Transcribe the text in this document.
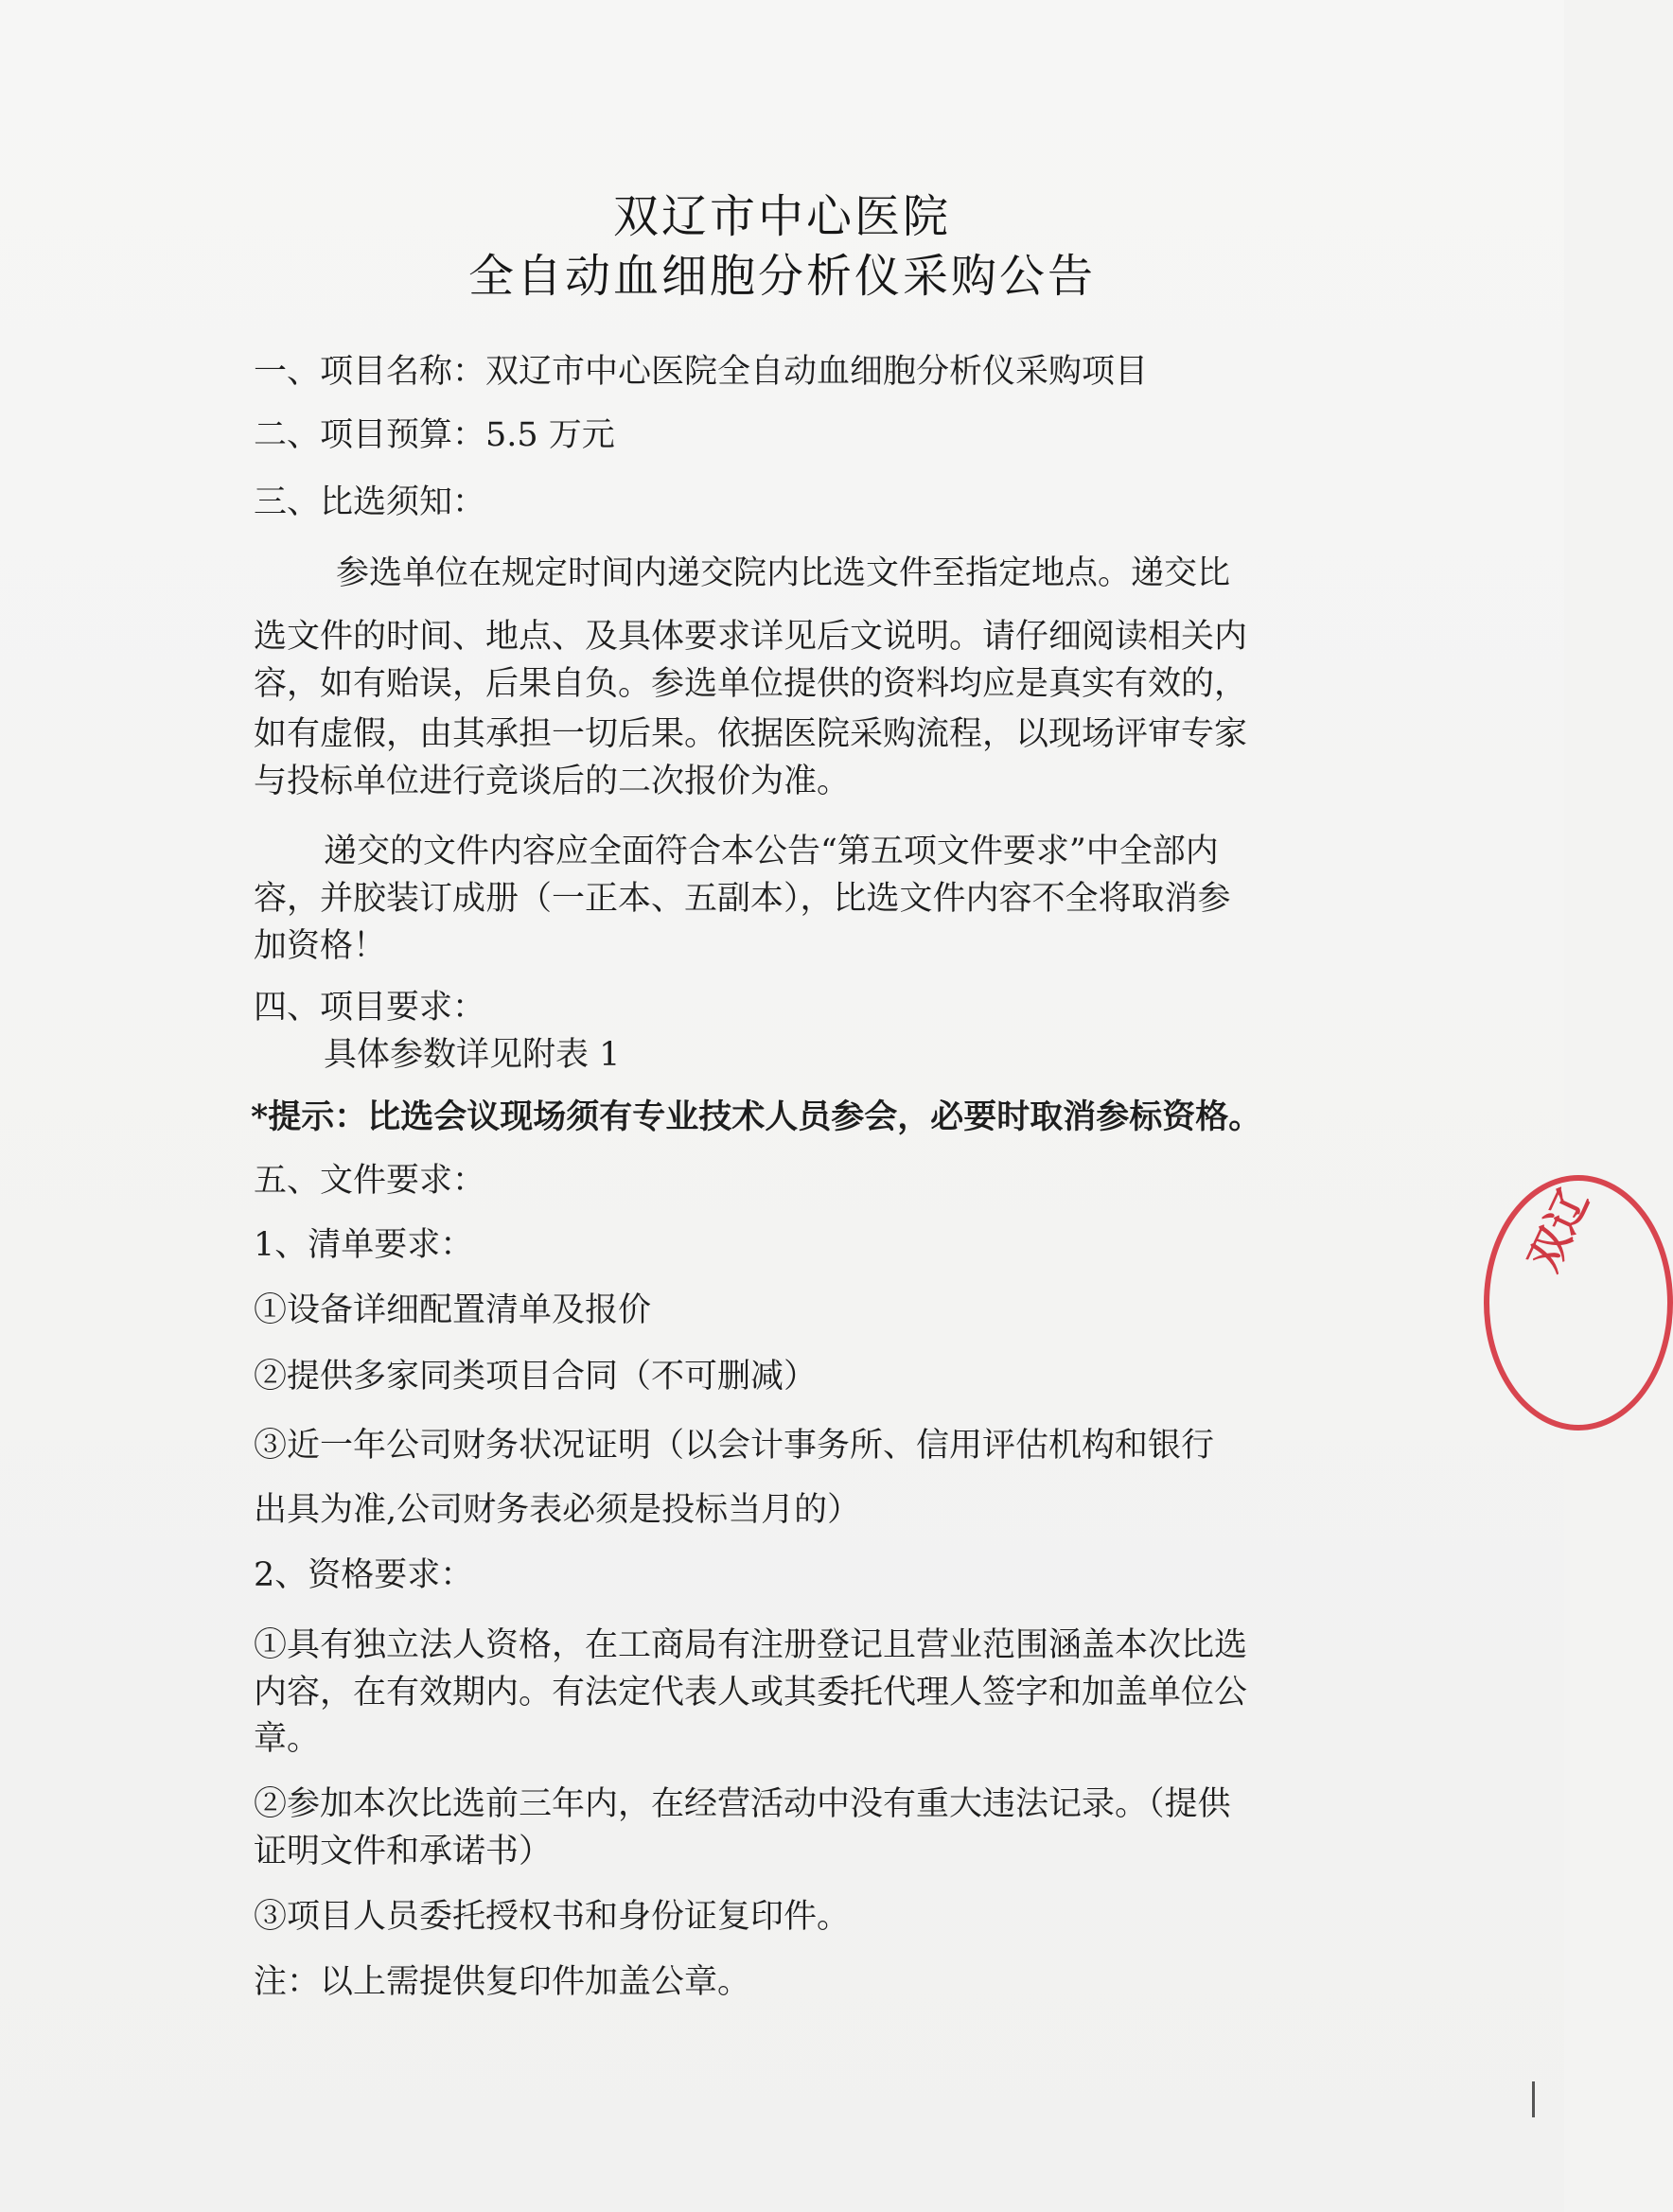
双辽市中心医院
全自动血细胞分析仪采购公告
一、项目名称：双辽市中心医院全自动血细胞分析仪采购项目
二、项目预算：5.5 万元
三、比选须知：
参选单位在规定时间内递交院内比选文件至指定地点。递交比
选文件的时间、地点、及具体要求详见后文说明。请仔细阅读相关内
容，如有贻误，后果自负。参选单位提供的资料均应是真实有效的，
如有虚假，由其承担一切后果。依据医院采购流程，以现场评审专家
与投标单位进行竞谈后的二次报价为准。
递交的文件内容应全面符合本公告“第五项文件要求”中全部内
容，并胶装订成册（一正本、五副本），比选文件内容不全将取消参
加资格！
四、项目要求：
具体参数详见附表 1
*提示：比选会议现场须有专业技术人员参会，必要时取消参标资格。
五、文件要求：
1、清单要求：
①设备详细配置清单及报价
②提供多家同类项目合同（不可删减）
③近一年公司财务状况证明（以会计事务所、信用评估机构和银行
出具为准,公司财务表必须是投标当月的）
2、资格要求：
①具有独立法人资格，在工商局有注册登记且营业范围涵盖本次比选
内容，在有效期内。有法定代表人或其委托代理人签字和加盖单位公
章。
②参加本次比选前三年内，在经营活动中没有重大违法记录。（提供
证明文件和承诺书）
③项目人员委托授权书和身份证复印件。
注：以上需提供复印件加盖公章。
双辽
